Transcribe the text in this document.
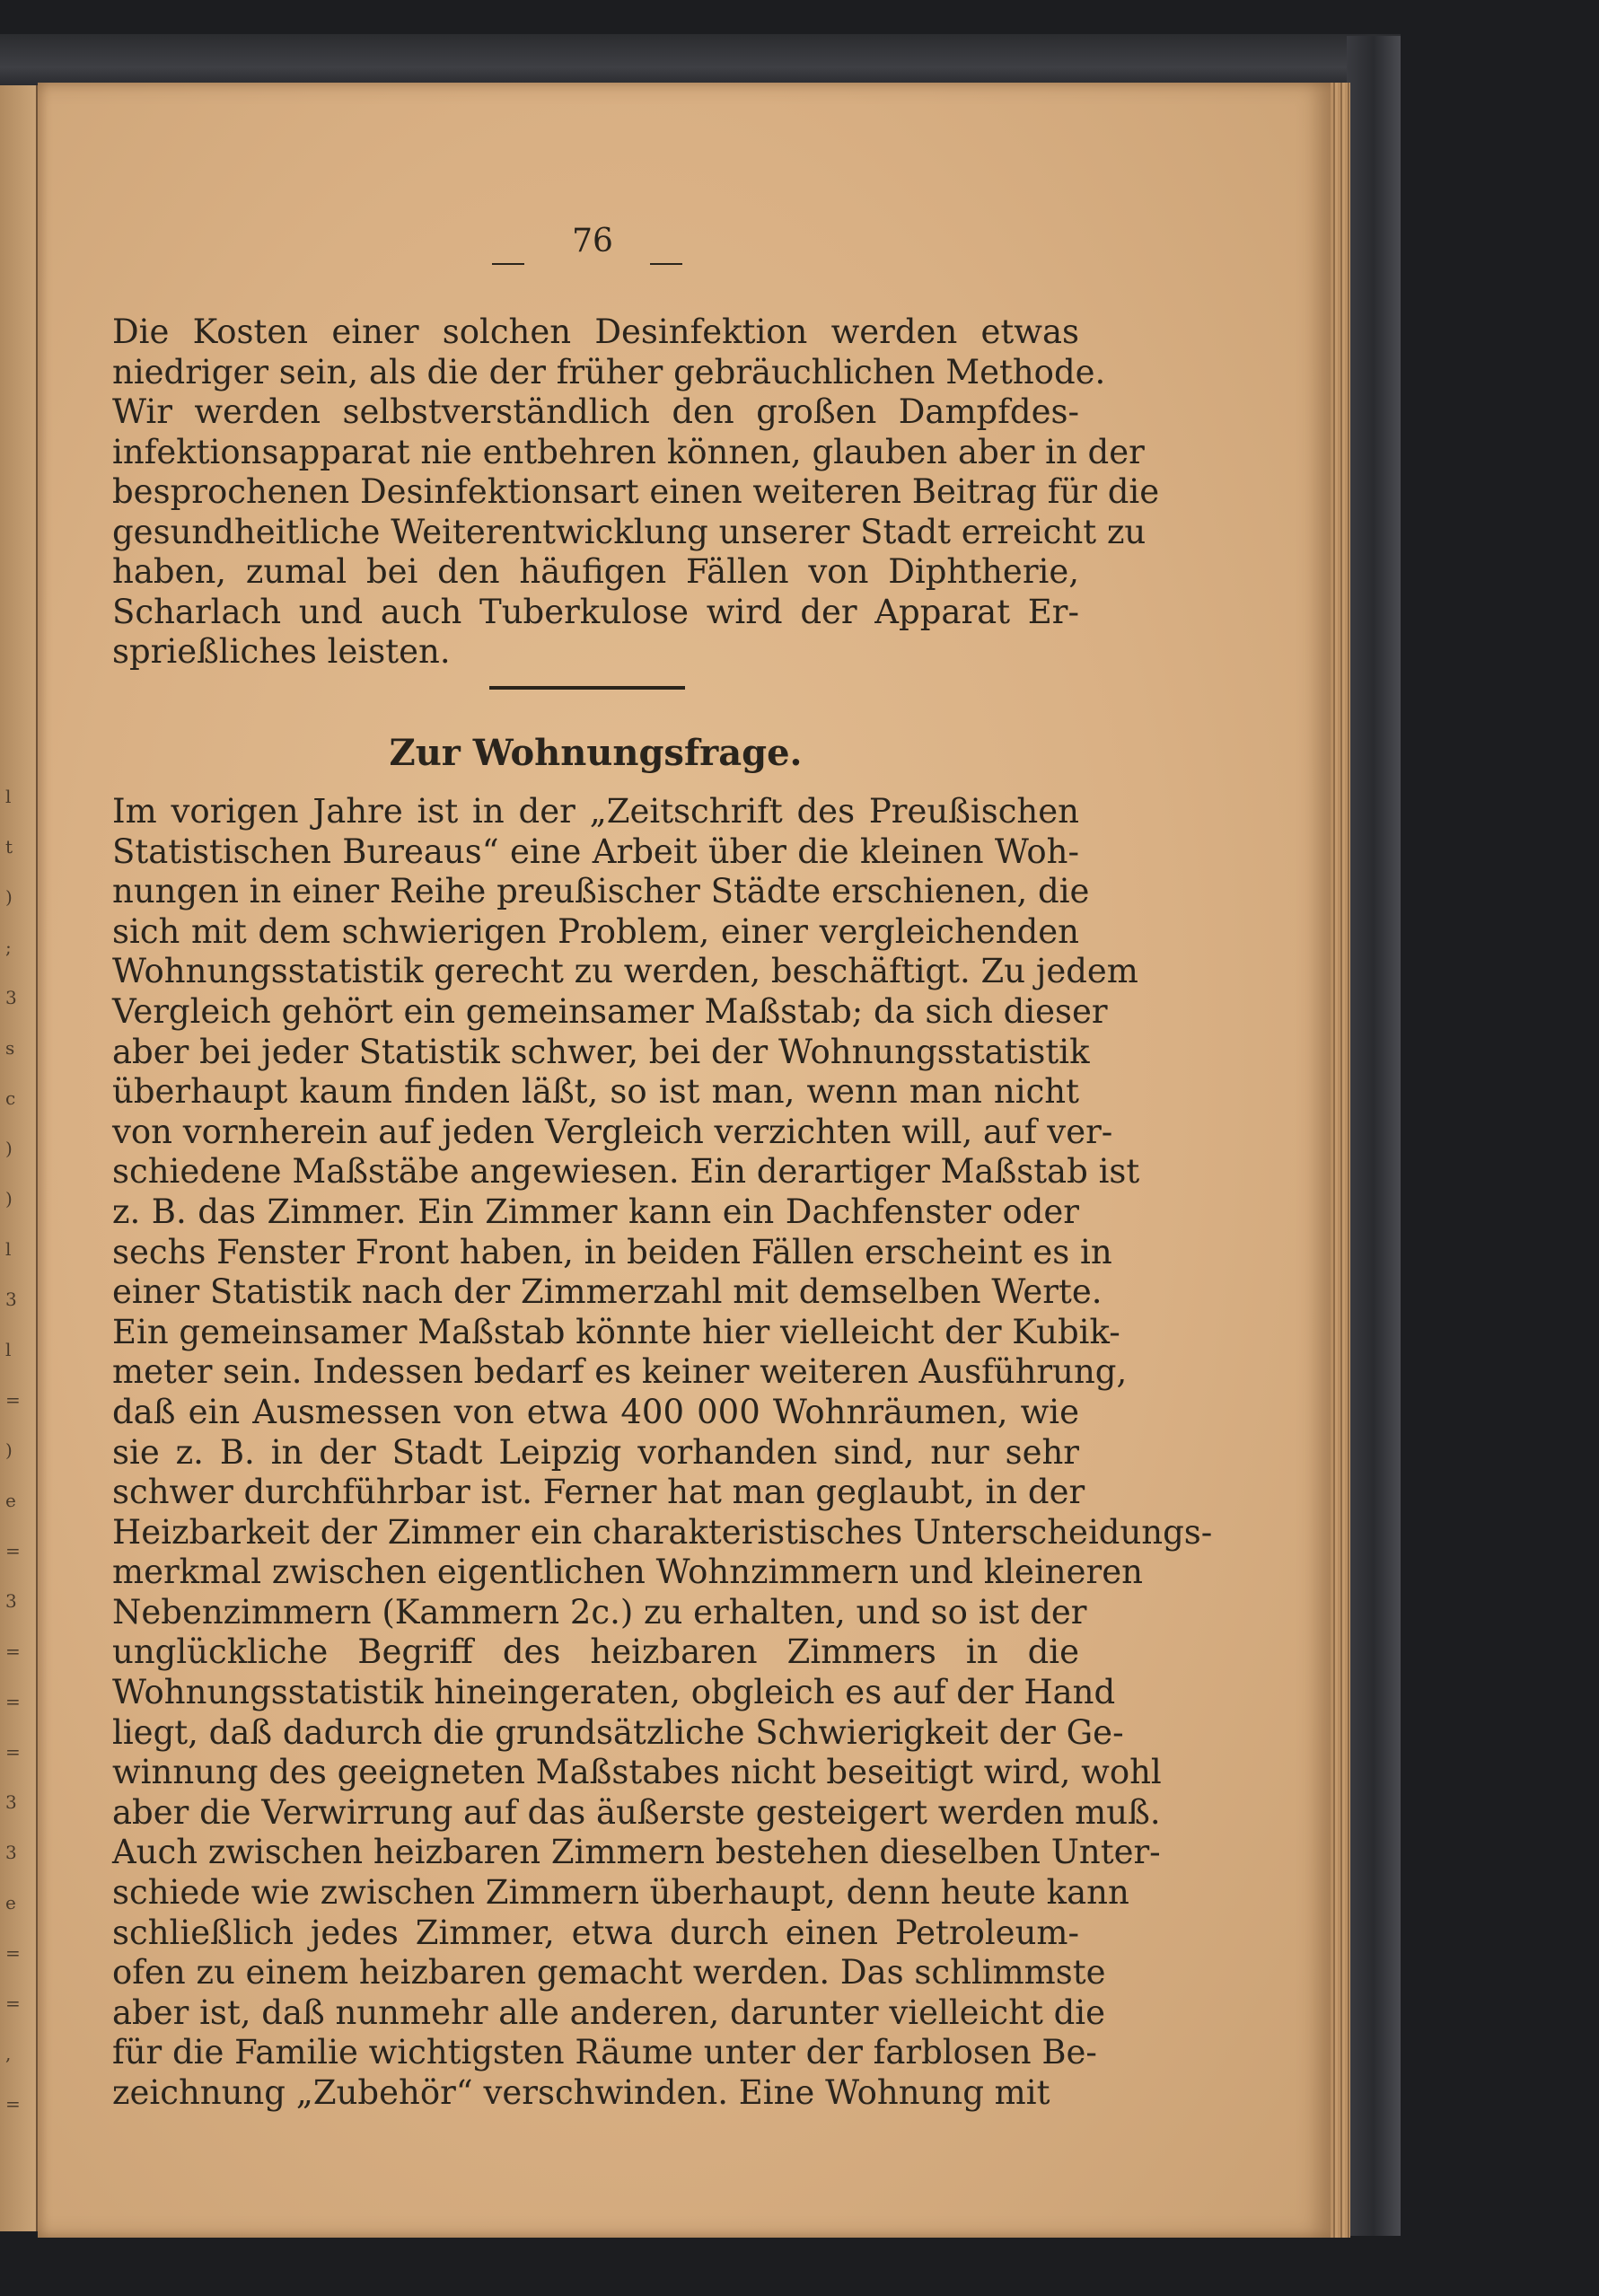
l
t
)
;
3
s
c
)
)
l
3
l
=
)
e
=
3
=
=
=
3
3
e
=
=
,
=
76
Die Kosten einer solchen Desinfektion werden etwas
niedriger sein, als die der früher gebräuchlichen Methode.
Wir werden selbstverständlich den großen Dampfdes-
infektionsapparat nie entbehren können, glauben aber in der
besprochenen Desinfektionsart einen weiteren Beitrag für die
gesundheitliche Weiterentwicklung unserer Stadt erreicht zu
haben, zumal bei den häufigen Fällen von Diphtherie,
Scharlach und auch Tuberkulose wird der Apparat Er-
sprießliches leisten.
Zur Wohnungsfrage.
Im vorigen Jahre ist in der „Zeitschrift des Preußischen
Statistischen Bureaus“ eine Arbeit über die kleinen Woh-
nungen in einer Reihe preußischer Städte erschienen, die
sich mit dem schwierigen Problem, einer vergleichenden
Wohnungsstatistik gerecht zu werden, beschäftigt. Zu jedem
Vergleich gehört ein gemeinsamer Maßstab; da sich dieser
aber bei jeder Statistik schwer, bei der Wohnungsstatistik
überhaupt kaum finden läßt, so ist man, wenn man nicht
von vornherein auf jeden Vergleich verzichten will, auf ver-
schiedene Maßstäbe angewiesen. Ein derartiger Maßstab ist
z. B. das Zimmer. Ein Zimmer kann ein Dachfenster oder
sechs Fenster Front haben, in beiden Fällen erscheint es in
einer Statistik nach der Zimmerzahl mit demselben Werte.
Ein gemeinsamer Maßstab könnte hier vielleicht der Kubik-
meter sein. Indessen bedarf es keiner weiteren Ausführung,
daß ein Ausmessen von etwa 400 000 Wohnräumen, wie
sie z. B. in der Stadt Leipzig vorhanden sind, nur sehr
schwer durchführbar ist. Ferner hat man geglaubt, in der
Heizbarkeit der Zimmer ein charakteristisches Unterscheidungs-
merkmal zwischen eigentlichen Wohnzimmern und kleineren
Nebenzimmern (Kammern 2c.) zu erhalten, und so ist der
unglückliche Begriff des heizbaren Zimmers in die
Wohnungsstatistik hineingeraten, obgleich es auf der Hand
liegt, daß dadurch die grundsätzliche Schwierigkeit der Ge-
winnung des geeigneten Maßstabes nicht beseitigt wird, wohl
aber die Verwirrung auf das äußerste gesteigert werden muß.
Auch zwischen heizbaren Zimmern bestehen dieselben Unter-
schiede wie zwischen Zimmern überhaupt, denn heute kann
schließlich jedes Zimmer, etwa durch einen Petroleum-
ofen zu einem heizbaren gemacht werden. Das schlimmste
aber ist, daß nunmehr alle anderen, darunter vielleicht die
für die Familie wichtigsten Räume unter der farblosen Be-
zeichnung „Zubehör“ verschwinden. Eine Wohnung mit
